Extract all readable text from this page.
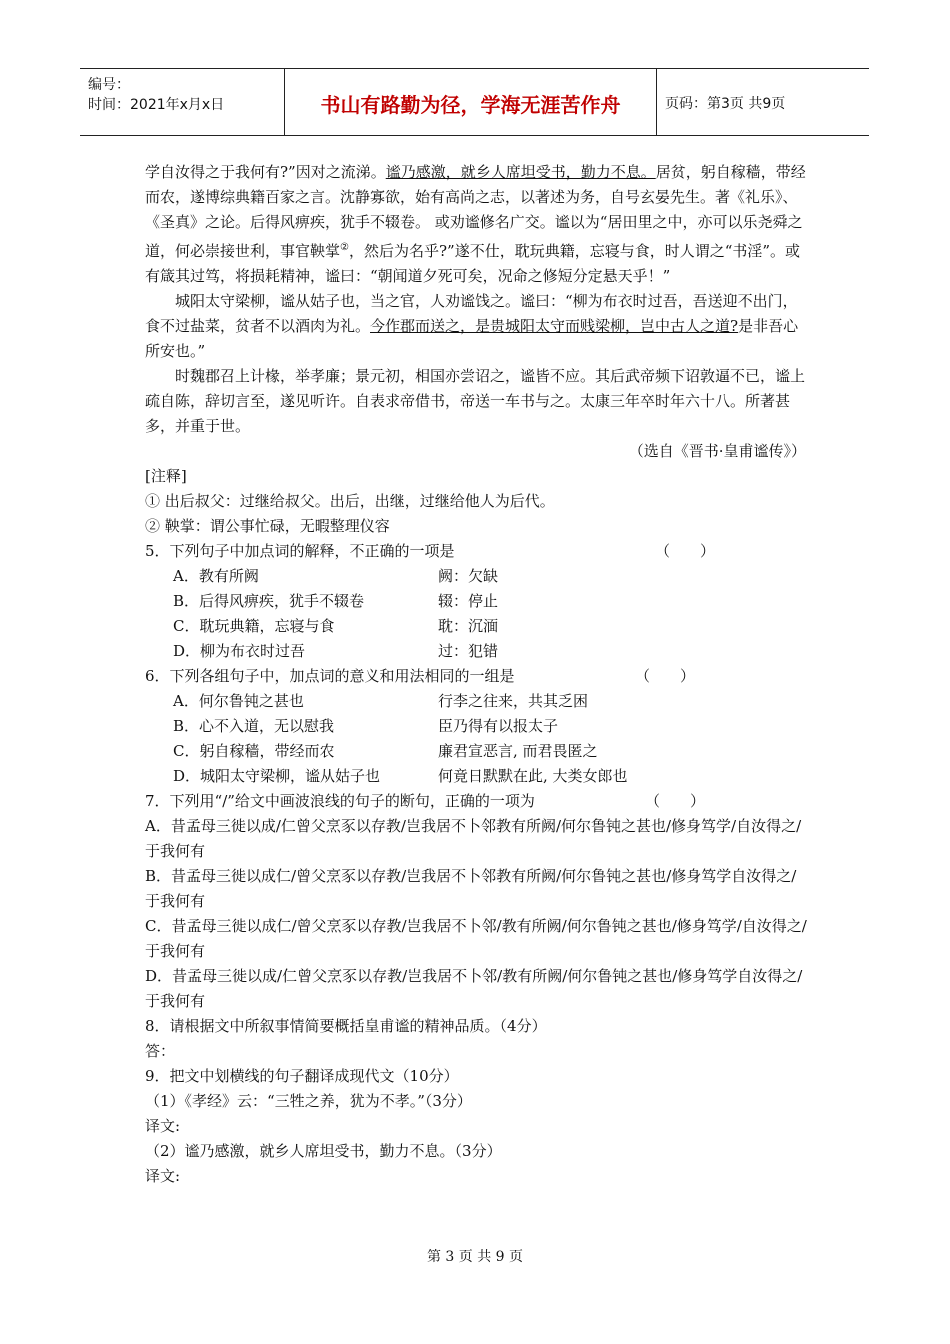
编号：
时间：2021年x月x日	书山有路勤为径，学海无涯苦作舟	页码：第3页 共9页

学自汝得之于我何有?”因对之流涕。谧乃感激，就乡人席坦受书，勤力不息。居贫，躬自稼穑，带经而农，遂博综典籍百家之言。沈静寡欲，始有高尚之志，以著述为务，自号玄晏先生。著《礼乐》、《圣真》之论。后得风痹疾，犹手不辍卷。 或劝谧修名广交。谧以为“居田里之中，亦可以乐尧舜之道，何必崇接世利，事官鞅掌②，然后为名乎?”遂不仕，耽玩典籍，忘寝与食，时人谓之“书淫”。或有箴其过笃，将损耗精神，谧曰：“朝闻道夕死可矣，况命之修短分定悬天乎！”

城阳太守梁柳，谧从姑子也，当之官，人劝谧饯之。谧曰：“柳为布衣时过吾，吾送迎不出门，食不过盐菜，贫者不以酒肉为礼。今作郡而送之，是贵城阳太守而贱梁柳，岂中古人之道?是非吾心所安也。”

时魏郡召上计椽，举孝廉；景元初，相国亦尝诏之，谧皆不应。其后武帝频下诏敦逼不已，谧上疏自陈，辞切言至，遂见听许。自表求帝借书，帝送一车书与之。太康三年卒时年六十八。所著甚多，并重于世。

（选自《晋书·皇甫谧传》）

[注释]

① 出后叔父：过继给叔父。出后，出继，过继给他人为后代。

② 鞅掌：谓公事忙碌，无暇整理仪容

5．下列句子中加点词的解释，不正确的一项是	（　　）
A．教有所阙	阙：欠缺
B．后得风痹疾，犹手不辍卷	辍：停止
C．耽玩典籍，忘寝与食	耽：沉湎
D．柳为布衣时过吾	过：犯错
6．下列各组句子中，加点词的意义和用法相同的一组是	（　　）
A．何尔鲁钝之甚也	行李之往来，共其乏困
B．心不入道，无以慰我	臣乃得有以报太子
C．躬自稼穑，带经而农	廉君宣恶言, 而君畏匿之
D．城阳太守梁柳，谧从姑子也	何竟日默默在此, 大类女郎也
7．下列用“/”给文中画波浪线的句子的断句，正确的一项为	（　　）

A．昔孟母三徙以成/仁曾父烹豕以存教/岂我居不卜邻教有所阙/何尔鲁钝之甚也/修身笃学/自汝得之/于我何有

B．昔孟母三徙以成仁/曾父烹豕以存教/岂我居不卜邻教有所阙/何尔鲁钝之甚也/修身笃学自汝得之/于我何有

C．昔孟母三徙以成仁/曾父烹豕以存教/岂我居不卜邻/教有所阙/何尔鲁钝之甚也/修身笃学/自汝得之/于我何有

D．昔孟母三徙以成/仁曾父烹豕以存教/岂我居不卜邻/教有所阙/何尔鲁钝之甚也/修身笃学自汝得之/于我何有

8．请根据文中所叙事情简要概括皇甫谧的精神品质。（4分）

答：

9．把文中划横线的句子翻译成现代文（10分）

（1）《孝经》云：“三牲之养，犹为不孝。”（3分）

译文:

（2）谧乃感激，就乡人席坦受书，勤力不息。（3分）

译文:

第 3 页 共 9 页
